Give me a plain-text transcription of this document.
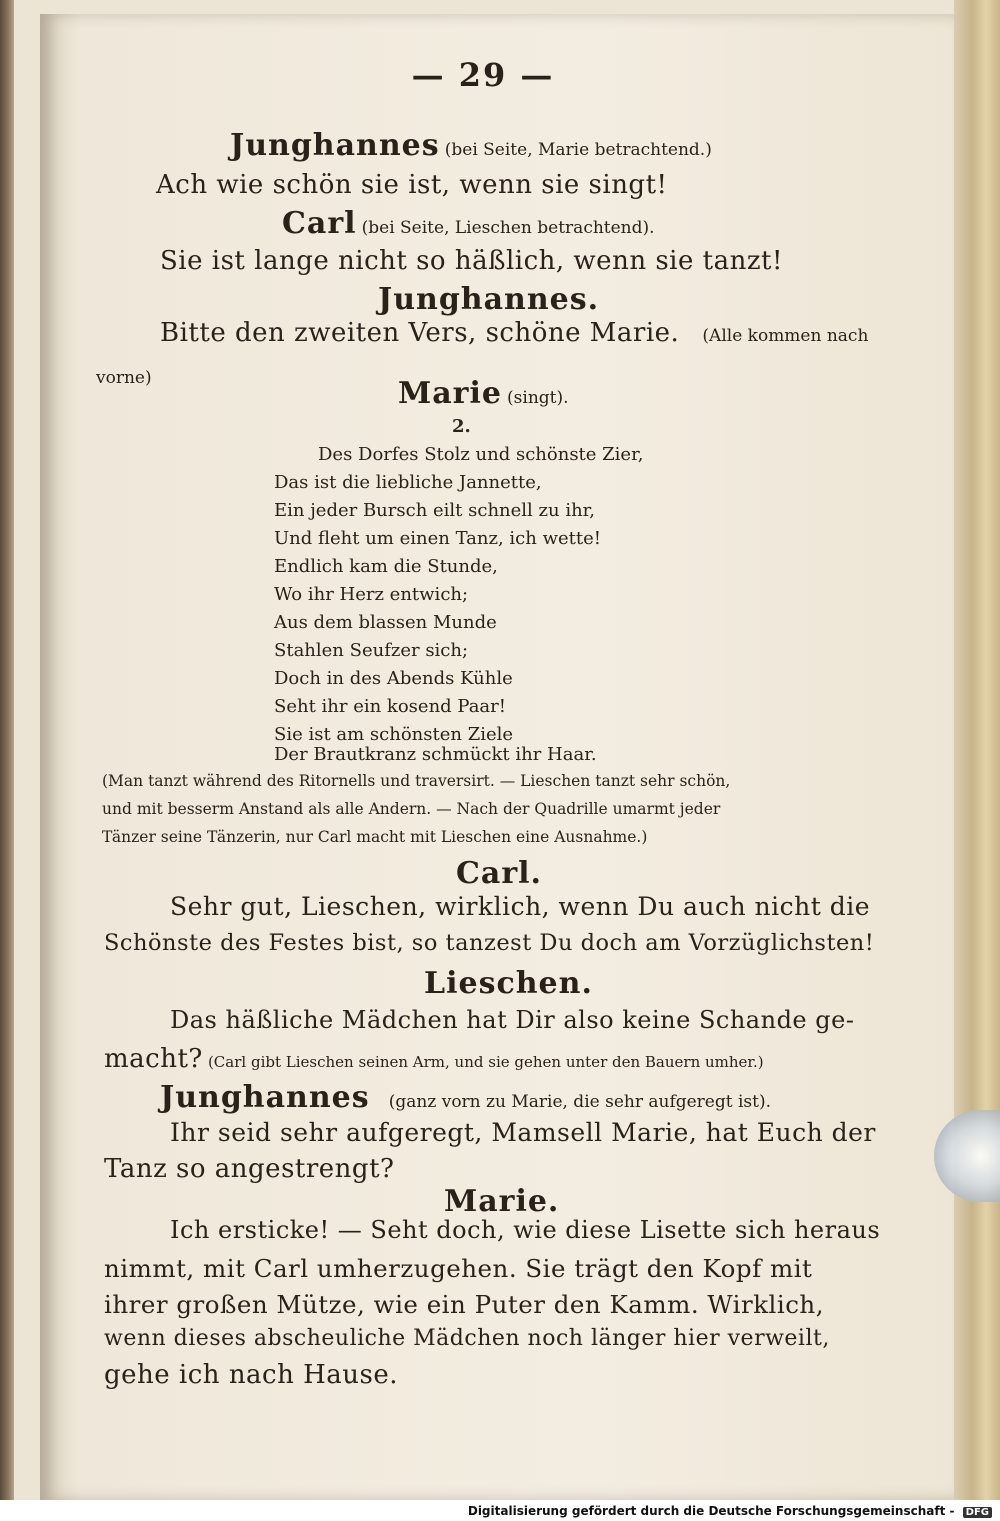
— 29 —
Junghannes (bei Seite, Marie betrachtend.)
Ach wie schön sie ist, wenn sie singt!
Carl (bei Seite, Lieschen betrachtend).
Sie ist lange nicht so häßlich, wenn sie tanzt!
Junghannes.
Bitte den zweiten Vers, schöne Marie. (Alle kommen nach
vorne)	Marie (singt).
2.
Des Dorfes Stolz und schönste Zier,
Das ist die liebliche Jannette,
Ein jeder Bursch eilt schnell zu ihr,
Und fleht um einen Tanz, ich wette!
Endlich kam die Stunde,
Wo ihr Herz entwich;
Aus dem blassen Munde
Stahlen Seufzer sich;
Doch in des Abends Kühle
Seht ihr ein kosend Paar!
Sie ist am schönsten Ziele
Der Brautkranz schmückt ihr Haar.
(Man tanzt während des Ritornells und traversirt. — Lieschen tanzt sehr schön,
und mit besserm Anstand als alle Andern. — Nach der Quadrille umarmt jeder
Tänzer seine Tänzerin, nur Carl macht mit Lieschen eine Ausnahme.)
Carl.
Sehr gut, Lieschen, wirklich, wenn Du auch nicht die
Schönste des Festes bist, so tanzest Du doch am Vorzüglichsten!
Lieschen.
Das häßliche Mädchen hat Dir also keine Schande ge-
macht? (Carl gibt Lieschen seinen Arm, und sie gehen unter den Bauern umher.)
Junghannes (ganz vorn zu Marie, die sehr aufgeregt ist).
Ihr seid sehr aufgeregt, Mamsell Marie, hat Euch der
Tanz so angestrengt?
Marie.
Ich ersticke! — Seht doch, wie diese Lisette sich heraus
nimmt, mit Carl umherzugehen. Sie trägt den Kopf mit
ihrer großen Mütze, wie ein Puter den Kamm. Wirklich,
wenn dieses abscheuliche Mädchen noch länger hier verweilt,
gehe ich nach Hause.
Digitalisierung gefördert durch die Deutsche Forschungsgemeinschaft - DFG
